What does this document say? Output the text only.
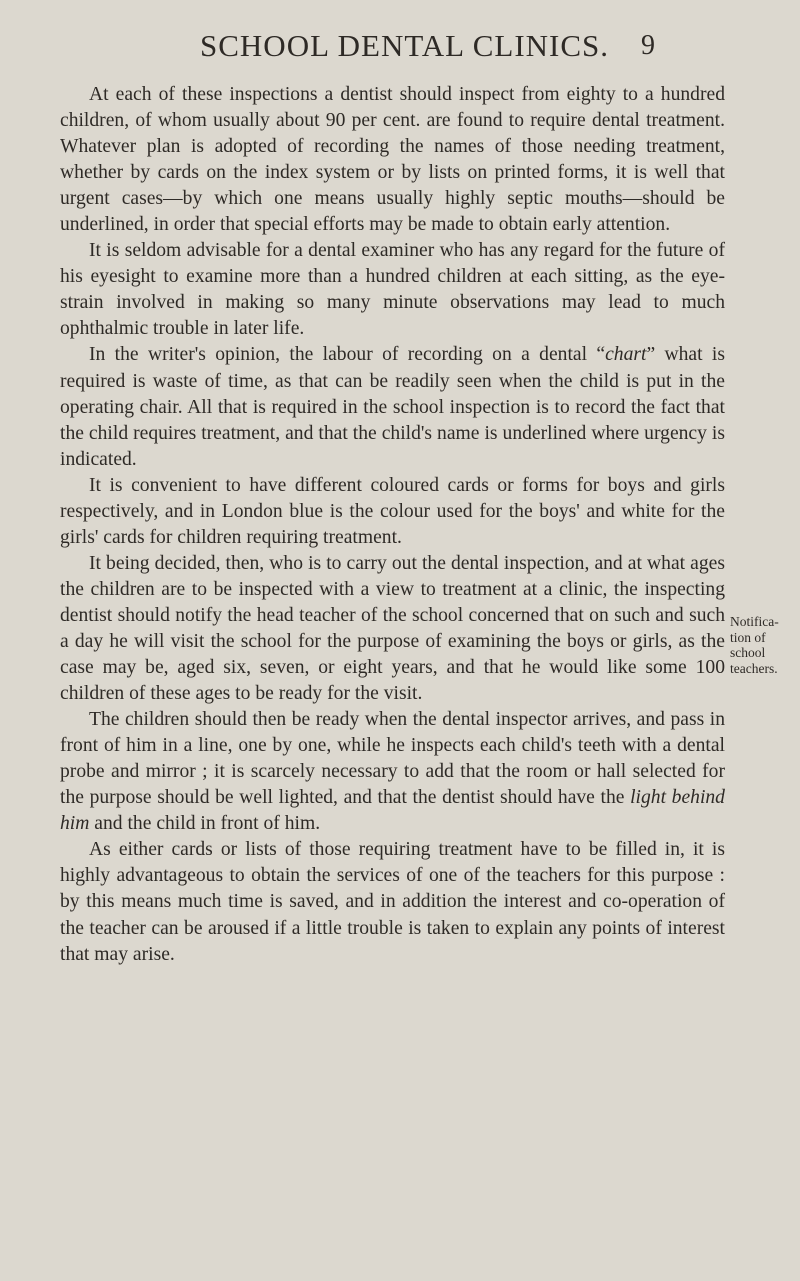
SCHOOL DENTAL CLINICS. 9

At each of these inspections a dentist should inspect from eighty to a hundred children, of whom usually about 90 per cent. are found to require dental treatment. Whatever plan is adopted of recording the names of those needing treatment, whether by cards on the index system or by lists on printed forms, it is well that urgent cases—by which one means usually highly septic mouths—should be underlined, in order that special efforts may be made to obtain early attention.

It is seldom advisable for a dental examiner who has any regard for the future of his eyesight to examine more than a hundred children at each sitting, as the eye-strain involved in making so many minute observations may lead to much ophthalmic trouble in later life.

In the writer's opinion, the labour of recording on a dental “chart” what is required is waste of time, as that can be readily seen when the child is put in the operating chair. All that is required in the school inspection is to record the fact that the child requires treatment, and that the child's name is underlined where urgency is indicated.

It is convenient to have different coloured cards or forms for boys and girls respectively, and in London blue is the colour used for the boys' and white for the girls' cards for children requiring treatment.

It being decided, then, who is to carry out the dental inspection, and at what ages the children are to be inspected with a view to treatment at a clinic, the inspecting dentist should notify the head teacher of the school concerned that on such and such a day he will visit the school for the purpose of examining the boys or girls, as the case may be, aged six, seven, or eight years, and that he would like some 100 children of these ages to be ready for the visit.

The children should then be ready when the dental inspector arrives, and pass in front of him in a line, one by one, while he inspects each child's teeth with a dental probe and mirror ; it is scarcely necessary to add that the room or hall selected for the purpose should be well lighted, and that the dentist should have the light behind him and the child in front of him.

As either cards or lists of those requiring treatment have to be filled in, it is highly advantageous to obtain the services of one of the teachers for this purpose : by this means much time is saved, and in addition the interest and co-operation of the teacher can be aroused if a little trouble is taken to explain any points of interest that may arise.

Notifica-
tion of
school
teachers.
